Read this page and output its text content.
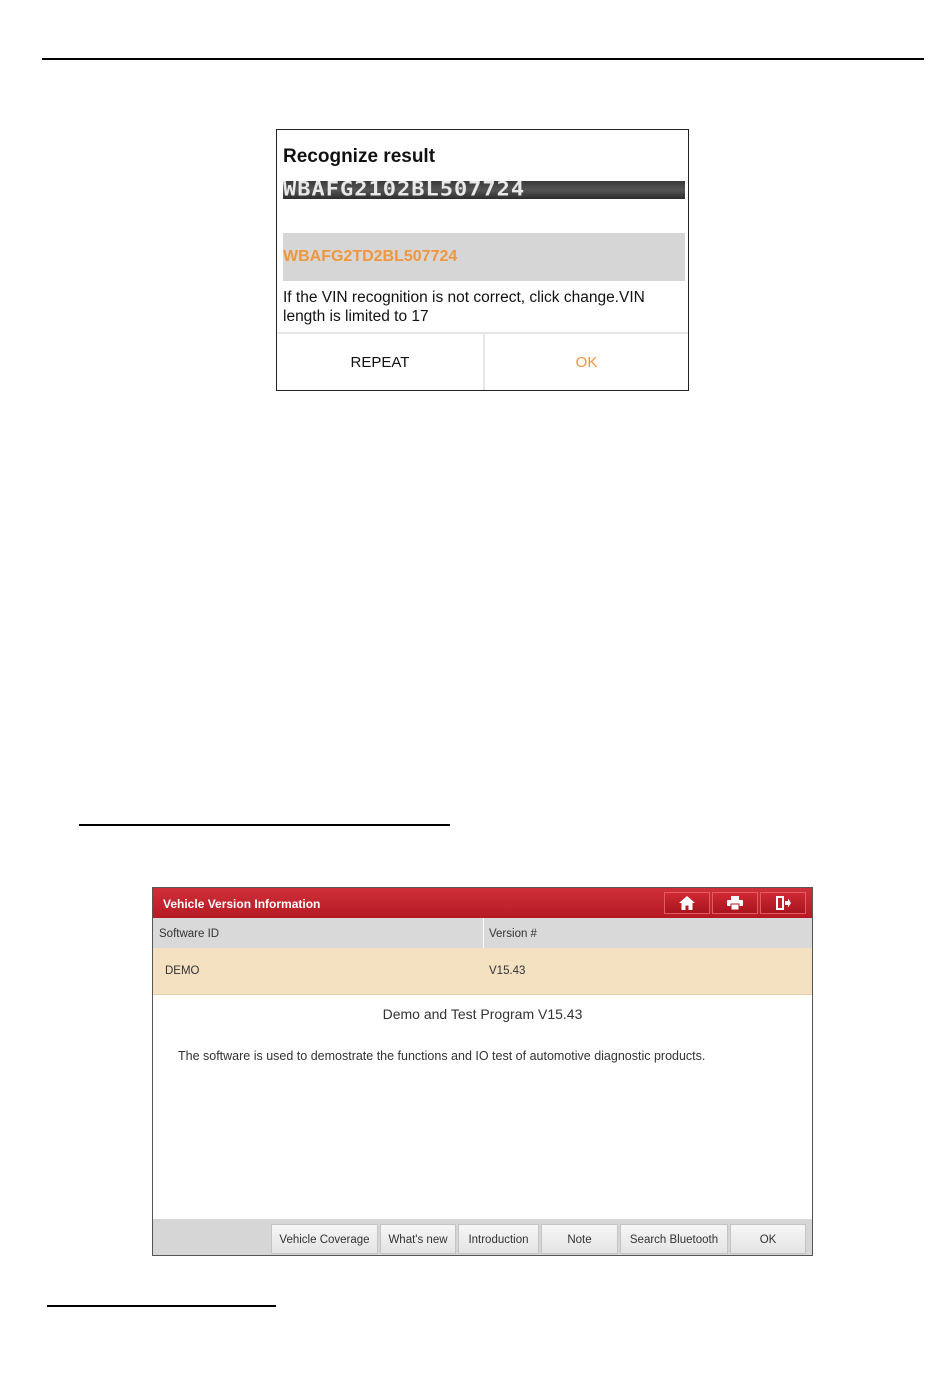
Recognize result
WBAFG2102BL507724
WBAFG2TD2BL507724
If the VIN recognition is not correct, click change.VIN length is limited to 17
REPEAT	OK
Vehicle Version Information
Software ID	Version #
DEMO	V15.43
Demo and Test Program V15.43
The software is used to demostrate the functions and IO test of automotive diagnostic products.
Vehicle Coverage	What's new	Introduction	Note	Search Bluetooth	OK
